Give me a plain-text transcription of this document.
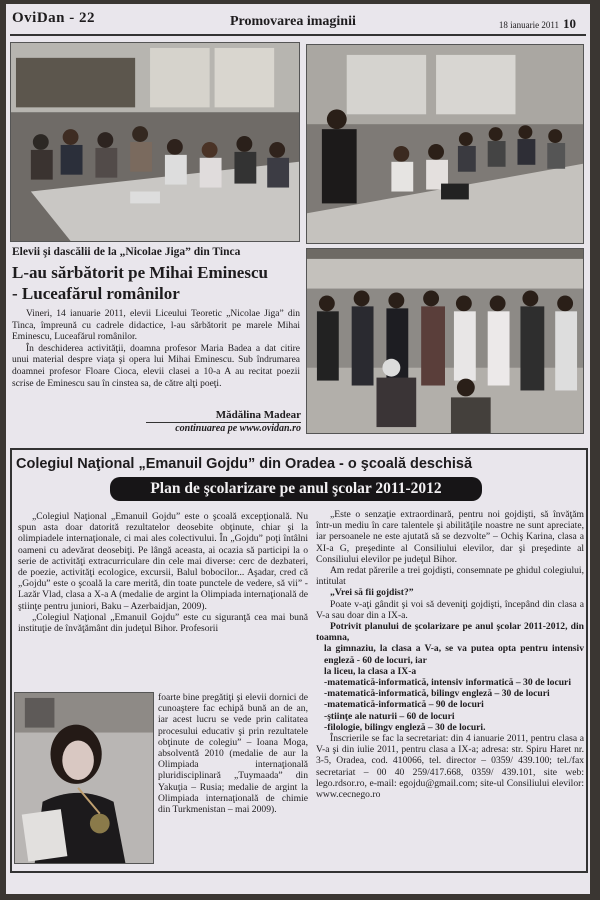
OviDan - 22	Promovarea imaginii	18 ianuarie 2011 10
Elevii şi dascălii de la „Nicolae Jiga” din Tinca
L-au sărbătorit pe Mihai Eminescu
- Luceafărul românilor

Vineri, 14 ianuarie 2011, elevii Liceului Teoretic „Nicolae Jiga” din Tinca, împreună cu cadrele didactice, l-au sărbătorit pe marele Mihai Eminescu, Luceafărul românilor.

În deschiderea activităţii, doamna profesor Maria Badea a dat citire unui material despre viaţa şi opera lui Mihai Eminescu. Sub îndrumarea doamnei profesor Floare Cioca, elevii clasei a 10-a A au recitat poezii scrise de Eminescu sau în cinstea sa, de către alţi poeţi.

Mădălina Madear
continuarea pe www.ovidan.ro
Colegiul Naţional „Emanuil Gojdu” din Oradea - o şcoală deschisă
Plan de şcolarizare pe anul şcolar 2011-2012

„Colegiul Naţional „Emanuil Gojdu” este o şcoală excepţională. Nu spun asta doar datorită rezultatelor deosebite obţinute, chiar şi la olimpiadele internaţionale, ci mai ales colectivului. În „Gojdu” poţi întâlni oameni cu adevărat deosebiţi. Pe lângă aceasta, ai ocazia să participi la o serie de activităţi extracurriculare din cele mai diverse: cerc de dezbateri, de poezie, activităţi ecologice, excursii, Balul bobocilor... Aşadar, cred că „Gojdu” este o şcoală la care merită, din toate punctele de vedere, să vii” - Lazăr Vlad, clasa a X-a A (medalie de argint la Olimpiada internaţională de ştiinţe pentru juniori, Baku – Azerbaidjan, 2009).

„Colegiul Naţional „Emanuil Gojdu” este cu siguranţă cea mai bună instituţie de învăţământ din judeţul Bihor. Profesorii

foarte bine pregătiţi şi elevii dornici de cunoaştere fac echipă bună an de an, iar acest lucru se vede prin calitatea procesului educativ şi prin rezultatele obţinute de colegiu” – Ioana Moga, absolventă 2010 (medalie de aur la Olimpiada internaţională pluridisciplinară „Tuymaada” din Yakuţia – Rusia; medalie de argint la Olimpiada internaţională de chimie din Turkmenistan – mai 2009).

„Este o senzaţie extraordinară, pentru noi gojdişti, să învăţăm într-un mediu în care talentele şi abilităţile noastre ne sunt apreciate, iar persoanele ne este ajutată să se dezvolte” – Ochiş Karina, clasa a XI-a G, preşedinte al Consiliului elevilor, dar şi preşedinte al Consiliului elevilor pe judeţul Bihor.

Am redat părerile a trei gojdişti, consemnate pe ghidul colegiului, intitulat

„Vrei să fii gojdist?”

Poate v-aţi gândit şi voi să deveniţi gojdişti, începând din clasa a V-a sau doar din a IX-a.

Potrivit planului de şcolarizare pe anul şcolar 2011-2012, din toamna,

la gimnaziu, la clasa a V-a, se va putea opta pentru intensiv engleză - 60 de locuri, iar
la liceu, la clasa a IX-a
-matematică-informatică, intensiv informatică – 30 de locuri
-matematică-informatică, bilingv engleză – 30 de locuri
-matematică-informatică – 90 de locuri
-ştiinţe ale naturii – 60 de locuri
-filologie, bilingv engleză – 30 de locuri.

Înscrierile se fac la secretariat: din 4 ianuarie 2011, pentru clasa a V-a şi din iulie 2011, pentru clasa a IX-a; adresa: str. Spiru Haret nr. 3-5, Oradea, cod. 410066, tel. director – 0359/ 439.100; tel./fax secretariat – 00 40 259/417.668, 0359/ 439.101, site web: lego.rdsor.ro, e-mail: egojdu@gmail.com; site-ul Consiliului elevilor: www.cecnego.ro
